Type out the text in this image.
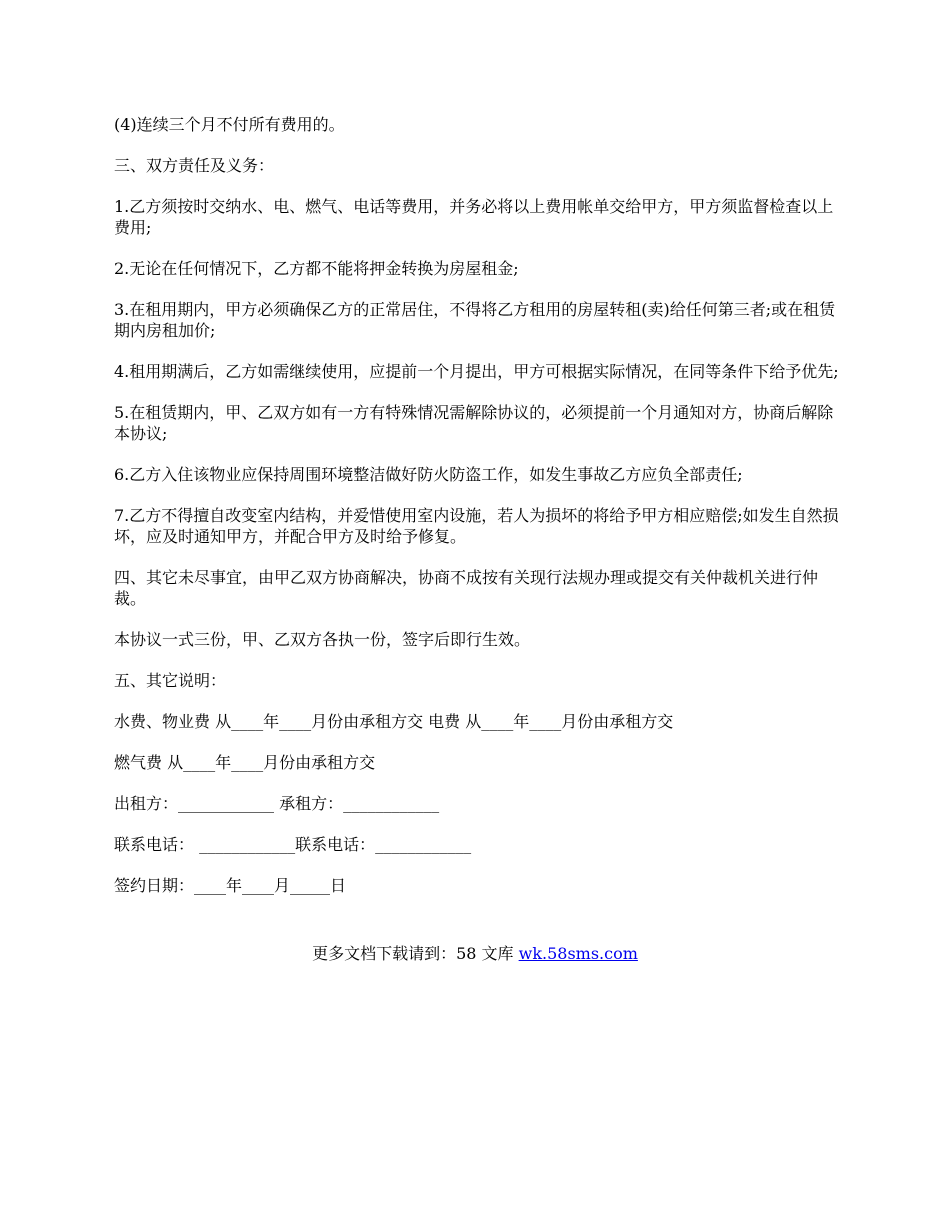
(4)连续三个月不付所有费用的。

三、双方责任及义务：

1.乙方须按时交纳水、电、燃气、电话等费用，并务必将以上费用帐单交给甲方，甲方须监督检查以上费用;

2.无论在任何情况下，乙方都不能将押金转换为房屋租金;

3.在租用期内，甲方必须确保乙方的正常居住，不得将乙方租用的房屋转租(卖)给任何第三者;或在租赁期内房租加价;

4.租用期满后，乙方如需继续使用，应提前一个月提出，甲方可根据实际情况，在同等条件下给予优先;

5.在租赁期内，甲、乙双方如有一方有特殊情况需解除协议的，必须提前一个月通知对方，协商后解除本协议;

6.乙方入住该物业应保持周围环境整洁做好防火防盗工作，如发生事故乙方应负全部责任;

7.乙方不得擅自改变室内结构，并爱惜使用室内设施，若人为损坏的将给予甲方相应赔偿;如发生自然损坏，应及时通知甲方，并配合甲方及时给予修复。

四、其它未尽事宜，由甲乙双方协商解决，协商不成按有关现行法规办理或提交有关仲裁机关进行仲裁。

本协议一式三份，甲、乙双方各执一份，签字后即行生效。

五、其它说明：

水费、物业费 从____年____月份由承租方交 电费 从____年____月份由承租方交

燃气费 从____年____月份由承租方交

出租方：____________ 承租方：____________

联系电话： ____________联系电话：____________

签约日期：____年____月_____日

更多文档下载请到：58 文库 wk.58sms.com
